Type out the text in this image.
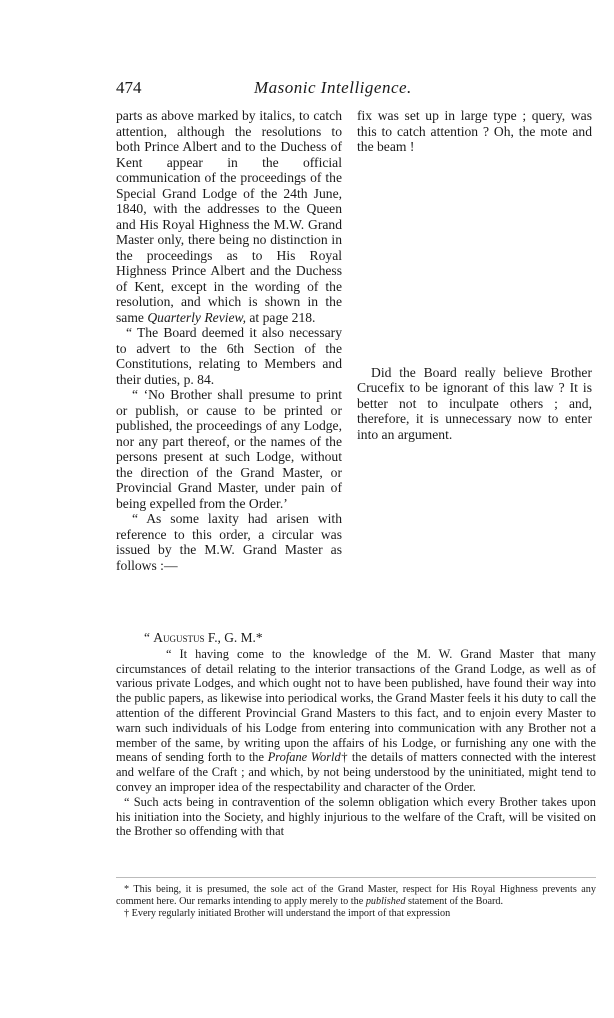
474	Masonic Intelligence.

parts as above marked by italics, to catch attention, although the resolutions to both Prince Albert and to the Duchess of Kent appear in the official communication of the proceedings of the Special Grand Lodge of the 24th June, 1840, with the addresses to the Queen and His Royal Highness the M.W. Grand Master only, there being no distinction in the proceedings as to His Royal Highness Prince Albert and the Duchess of Kent, except in the wording of the resolution, and which is shown in the same Quarterly Review, at page 218.

“ The Board deemed it also necessary to advert to the 6th Section of the Constitutions, relating to Members and their duties, p. 84.

“ ‘No Brother shall presume to print or publish, or cause to be printed or published, the proceedings of any Lodge, nor any part thereof, or the names of the persons present at such Lodge, without the direction of the Grand Master, or Provincial Grand Master, under pain of being expelled from the Order.’

“ As some laxity had arisen with reference to this order, a circular was issued by the M.W. Grand Master as follows :—

fix was set up in large type ; query, was this to catch attention ? Oh, the mote and the beam !

Did the Board really believe Brother Crucefix to be ignorant of this law ? It is better not to inculpate others ; and, therefore, it is unnecessary now to enter into an argument.

“ Augustus F., G. M.*

“ It having come to the knowledge of the M. W. Grand Master that many circumstances of detail relating to the interior transactions of the Grand Lodge, as well as of various private Lodges, and which ought not to have been published, have found their way into the public papers, as likewise into periodical works, the Grand Master feels it his duty to call the attention of the different Provincial Grand Masters to this fact, and to enjoin every Master to warn such individuals of his Lodge from entering into communication with any Brother not a member of the same, by writing upon the affairs of his Lodge, or furnishing any one with the means of sending forth to the Profane World† the details of matters connected with the interest and welfare of the Craft ; and which, by not being understood by the uninitiated, might tend to convey an improper idea of the respectability and character of the Order.

“ Such acts being in contravention of the solemn obligation which every Brother takes upon his initiation into the Society, and highly injurious to the welfare of the Craft, will be visited on the Brother so offending with that

* This being, it is presumed, the sole act of the Grand Master, respect for His Royal Highness prevents any comment here. Our remarks intending to apply merely to the published statement of the Board.

† Every regularly initiated Brother will understand the import of that expression
